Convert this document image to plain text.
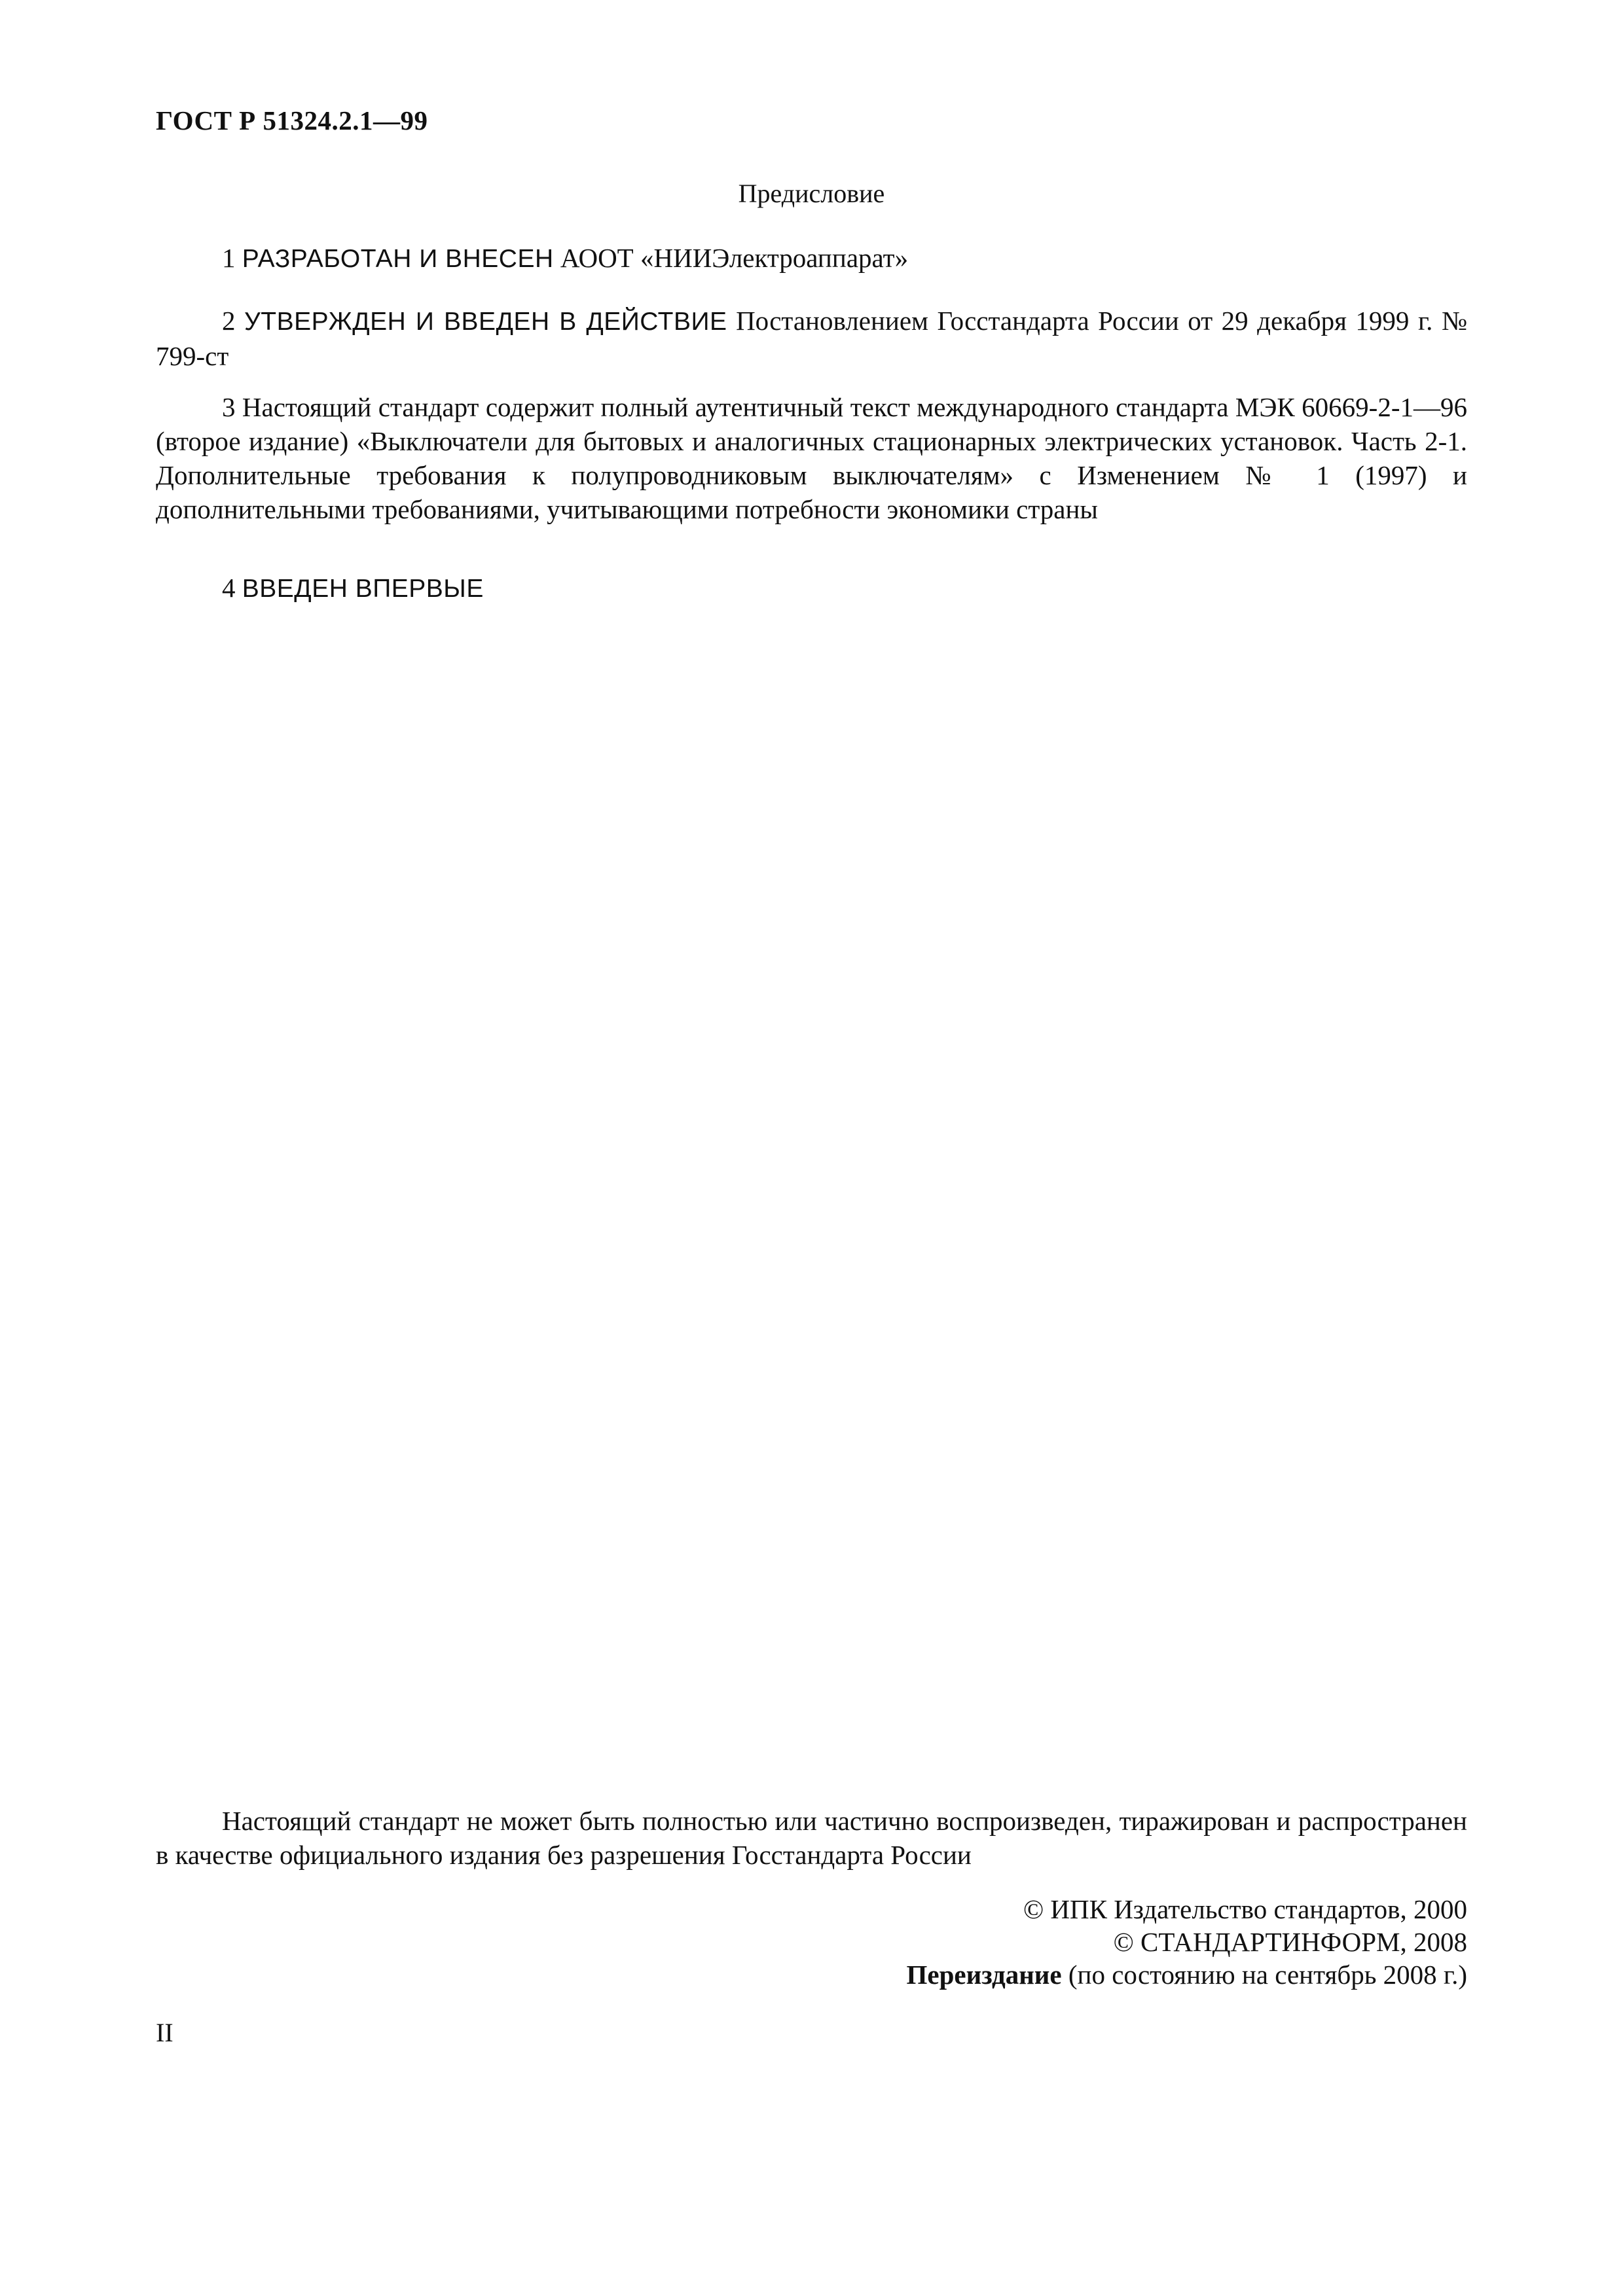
ГОСТ Р 51324.2.1—99
Предисловие
1 РАЗРАБОТАН И ВНЕСЕН АООТ «НИИЭлектроаппарат»
2 УТВЕРЖДЕН И ВВЕДЕН В ДЕЙСТВИЕ Постановлением Госстандарта России от 29 декабря 1999 г. № 799-ст
3 Настоящий стандарт содержит полный аутентичный текст международного стандарта МЭК 60669-2-1—96 (второе издание) «Выключатели для бытовых и аналогичных стационарных электрических установок. Часть 2-1. Дополнительные требования к полупроводниковым выключателям» с Изменением № 1 (1997) и дополнительными требованиями, учитывающими потребности экономики страны
4 ВВЕДЕН ВПЕРВЫЕ
Настоящий стандарт не может быть полностью или частично воспроизведен, тиражирован и распространен в качестве официального издания без разрешения Госстандарта России
© ИПК Издательство стандартов, 2000
© СТАНДАРТИНФОРМ, 2008
Переиздание (по состоянию на сентябрь 2008 г.)
II
